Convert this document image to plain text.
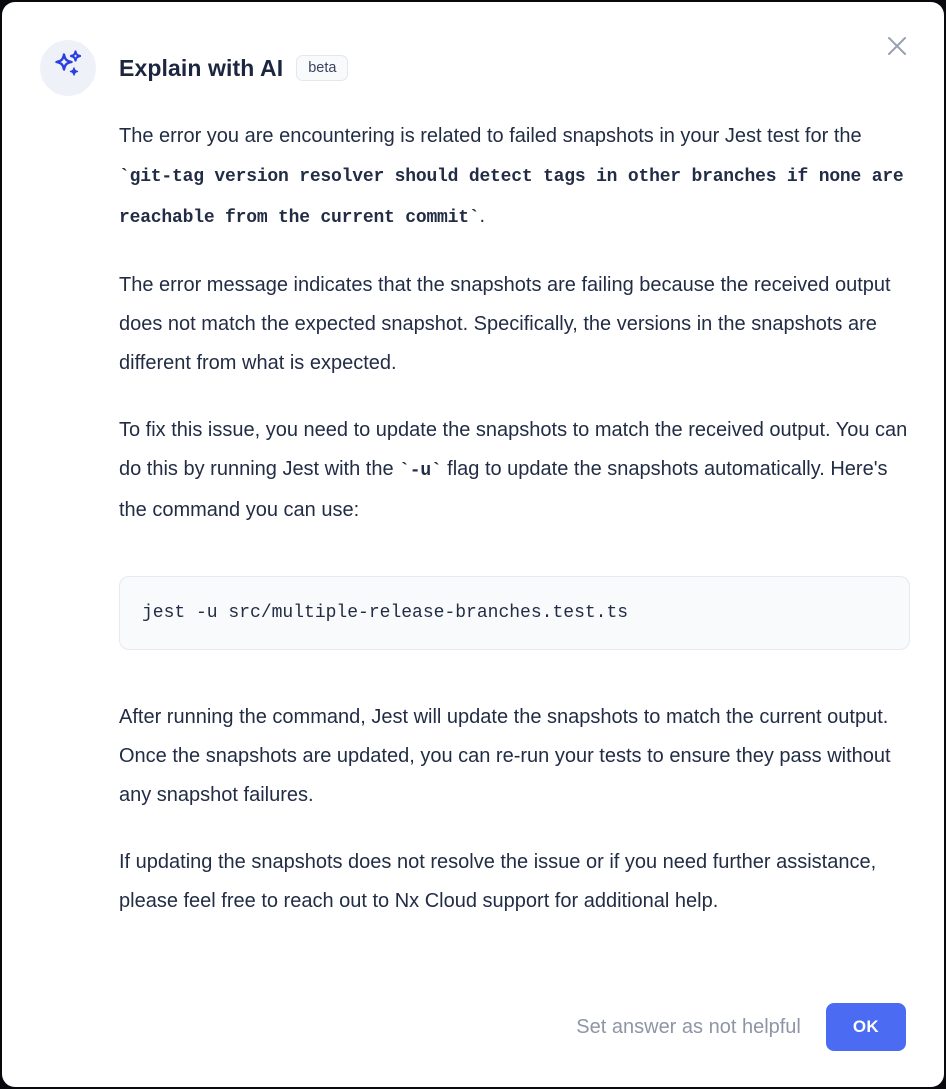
Explain with AI	beta

The error you are encountering is related to failed snapshots in your Jest test for the `git-tag version resolver should detect tags in other branches if none are reachable from the current commit`.

The error message indicates that the snapshots are failing because the received output does not match the expected snapshot. Specifically, the versions in the snapshots are different from what is expected.

To fix this issue, you need to update the snapshots to match the received output. You can do this by running Jest with the `-u` flag to update the snapshots automatically. Here's the command you can use:

jest -u src/multiple-release-branches.test.ts

After running the command, Jest will update the snapshots to match the current output. Once the snapshots are updated, you can re-run your tests to ensure they pass without any snapshot failures.

If updating the snapshots does not resolve the issue or if you need further assistance, please feel free to reach out to Nx Cloud support for additional help.

Set answer as not helpful	OK
